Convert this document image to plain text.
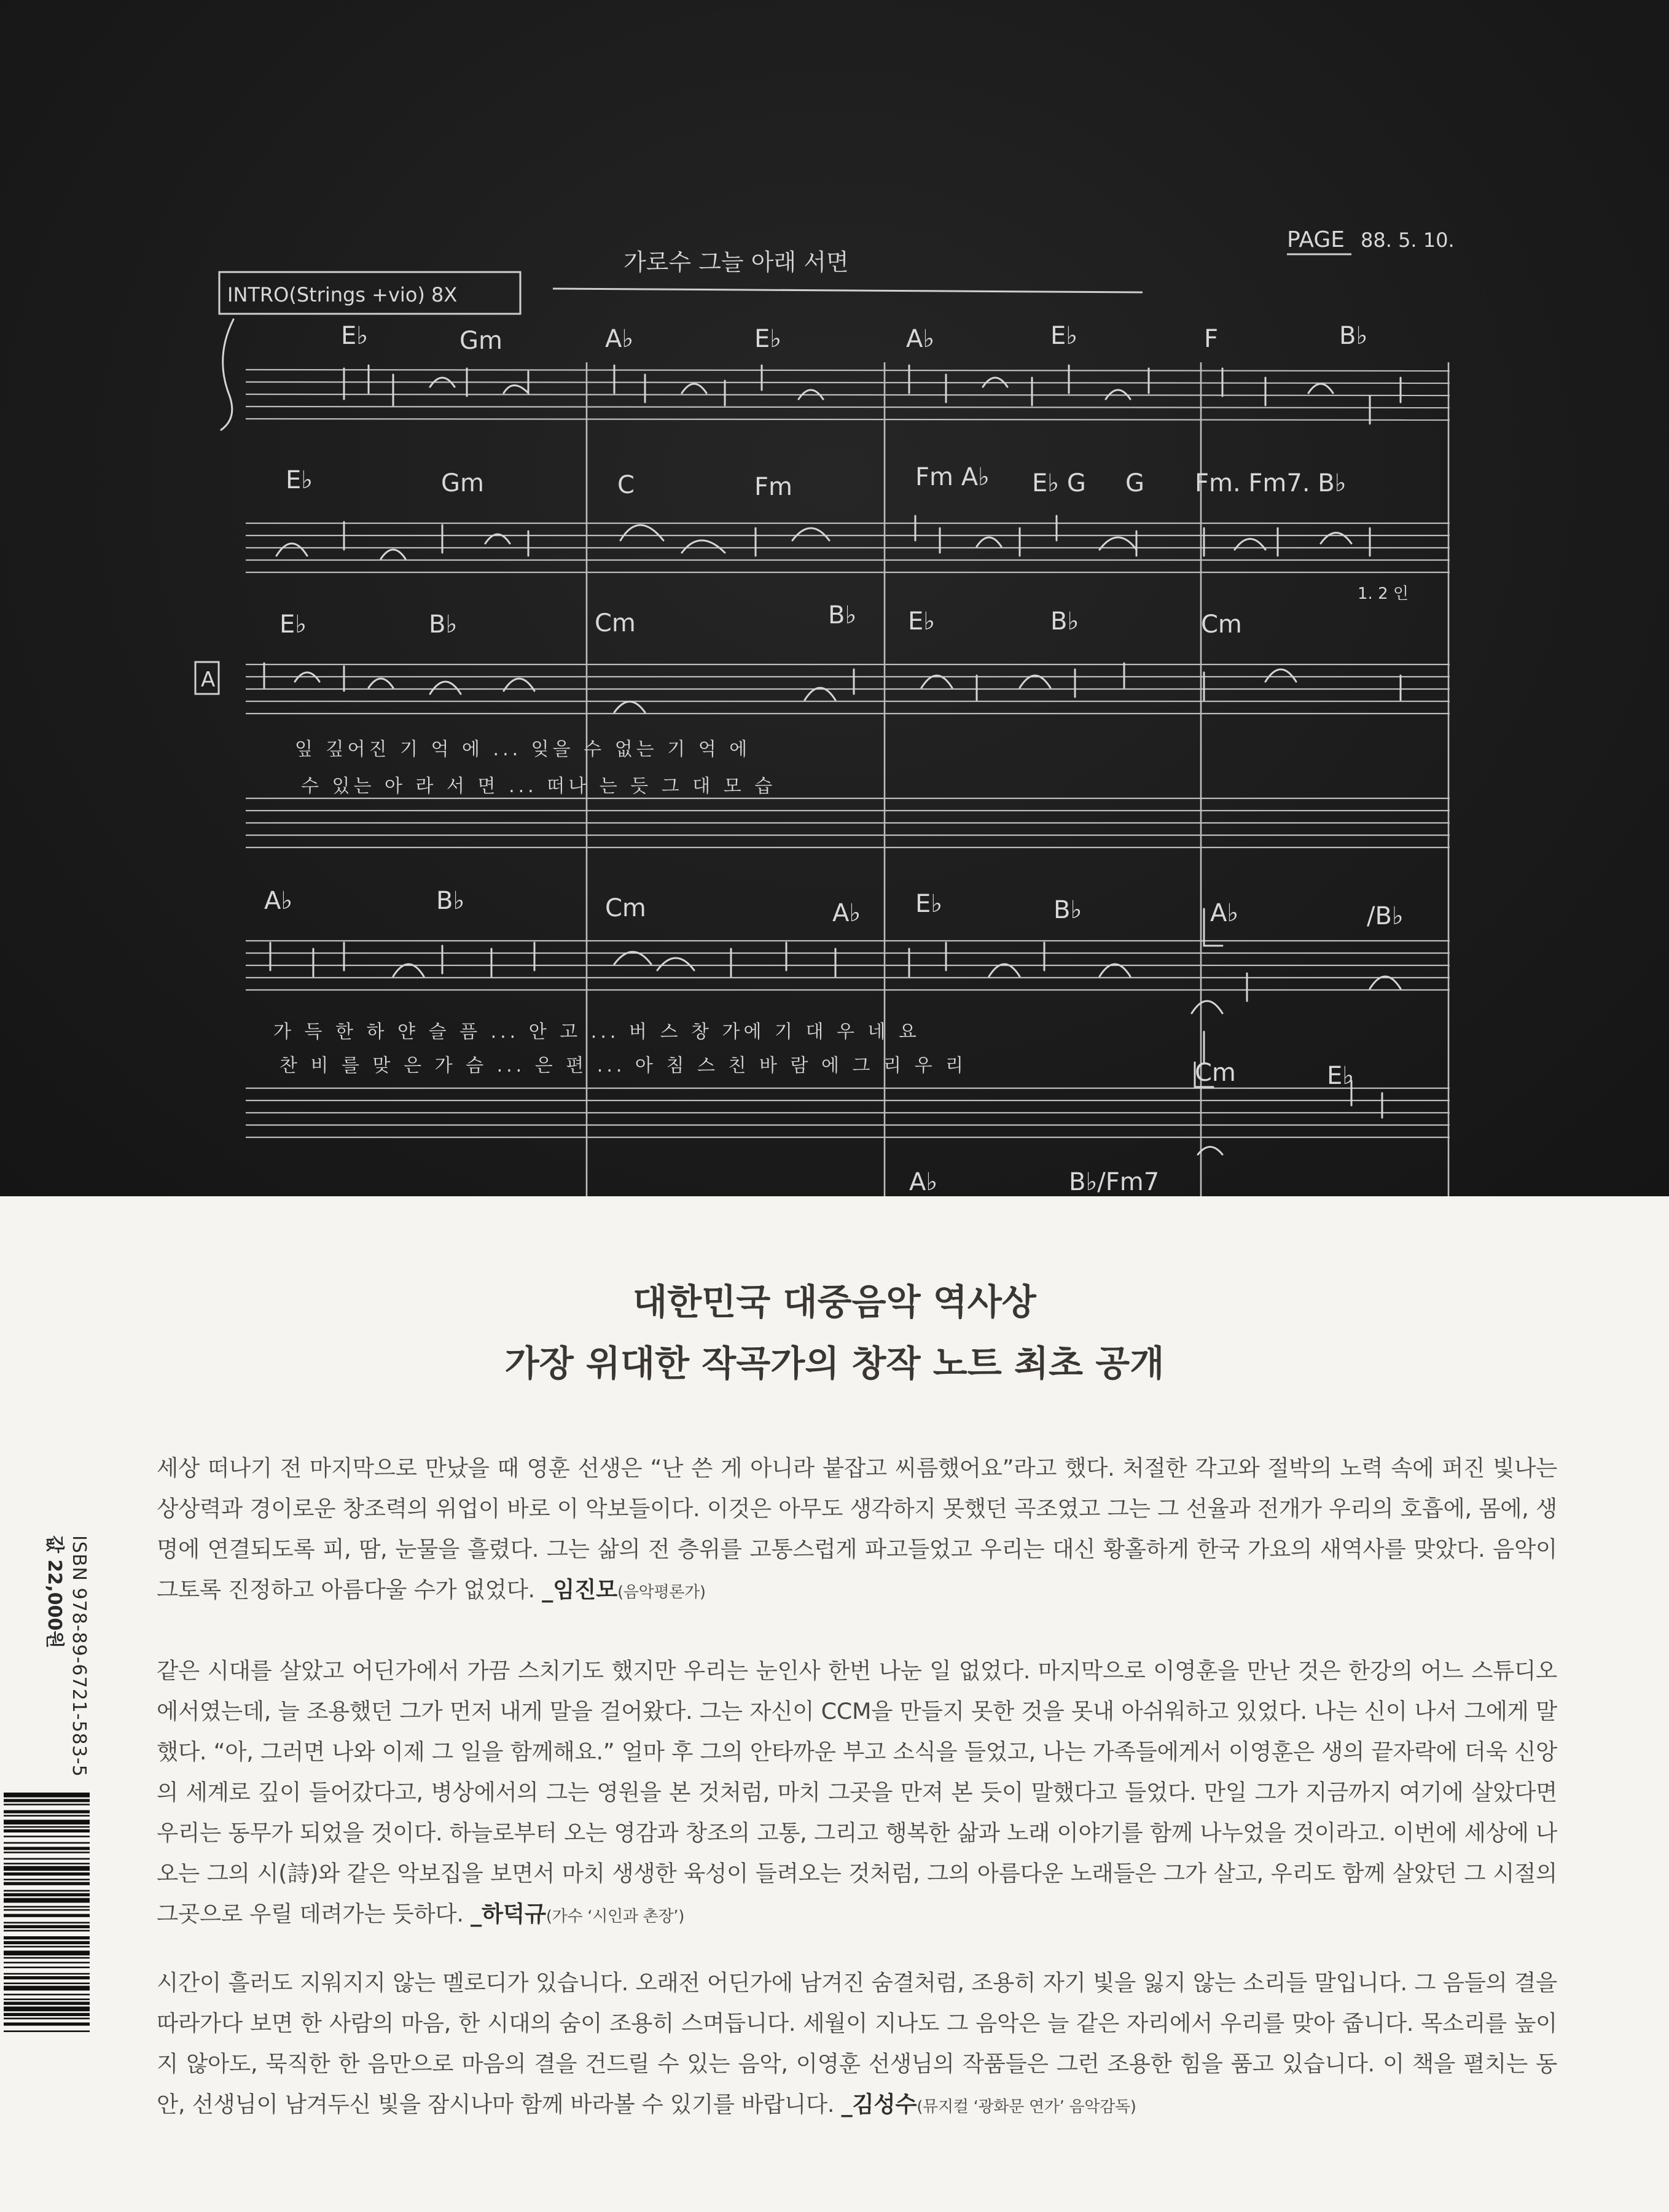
가로수 그늘 아래 서면
PAGE 88. 5. 10.
INTRO(Strings +vio) 8X
A
E♭	Gm	A♭	E♭	A♭	E♭	F	B♭
E♭	Gm	C	Fm	Fm A♭ E♭ G G Fm. Fm7. B♭
E♭	B♭	Cm	B♭ E♭	B♭	Cm
A♭	B♭	Cm	A♭ E♭	B♭	A♭	/B♭
Cm	E♭
A♭	B♭/Fm7
1. 2 인
잎 깊어진 기 억 에 ... 잊을 수 없는 기 억 에
수 있는 아 라 서 면 ... 떠나 는 듯 그 대 모 습
가 득 한 하 얀 슬 픔 ... 안 고 ... 버 스 창 가에 기 대 우 네 요
찬 비 를 맞 은 가 슴 ... 은 편 ... 아 침 스 친 바 람 에 그 리 우 리
대한민국 대중음악 역사상
가장 위대한 작곡가의 창작 노트 최초 공개
세상 떠나기 전 마지막으로 만났을 때 영훈 선생은 “난 쓴 게 아니라 붙잡고 씨름했어요”라고 했다. 처절한 각고와 절박의 노력 속에 퍼진 빛나는 상상력과 경이로운 창조력의 위업이 바로 이 악보들이다. 이것은 아무도 생각하지 못했던 곡조였고 그는 그 선율과 전개가 우리의 호흡에, 몸에, 생명에 연결되도록 피, 땀, 눈물을 흘렸다. 그는 삶의 전 층위를 고통스럽게 파고들었고 우리는 대신 황홀하게 한국 가요의 새역사를 맞았다. 음악이 그토록 진정하고 아름다울 수가 없었다. _임진모(음악평론가)
같은 시대를 살았고 어딘가에서 가끔 스치기도 했지만 우리는 눈인사 한번 나눈 일 없었다. 마지막으로 이영훈을 만난 것은 한강의 어느 스튜디오에서였는데, 늘 조용했던 그가 먼저 내게 말을 걸어왔다. 그는 자신이 CCM을 만들지 못한 것을 못내 아쉬워하고 있었다. 나는 신이 나서 그에게 말했다. “아, 그러면 나와 이제 그 일을 함께해요.” 얼마 후 그의 안타까운 부고 소식을 들었고, 나는 가족들에게서 이영훈은 생의 끝자락에 더욱 신앙의 세계로 깊이 들어갔다고, 병상에서의 그는 영원을 본 것처럼, 마치 그곳을 만져 본 듯이 말했다고 들었다. 만일 그가 지금까지 여기에 살았다면 우리는 동무가 되었을 것이다. 하늘로부터 오는 영감과 창조의 고통, 그리고 행복한 삶과 노래 이야기를 함께 나누었을 것이라고. 이번에 세상에 나오는 그의 시(詩)와 같은 악보집을 보면서 마치 생생한 육성이 들려오는 것처럼, 그의 아름다운 노래들은 그가 살고, 우리도 함께 살았던 그 시절의 그곳으로 우릴 데려가는 듯하다. _하덕규(가수 ‘시인과 촌장’)
시간이 흘러도 지워지지 않는 멜로디가 있습니다. 오래전 어딘가에 남겨진 숨결처럼, 조용히 자기 빛을 잃지 않는 소리들 말입니다. 그 음들의 결을 따라가다 보면 한 사람의 마음, 한 시대의 숨이 조용히 스며듭니다. 세월이 지나도 그 음악은 늘 같은 자리에서 우리를 맞아 줍니다. 목소리를 높이지 않아도, 묵직한 한 음만으로 마음의 결을 건드릴 수 있는 음악, 이영훈 선생님의 작품들은 그런 조용한 힘을 품고 있습니다. 이 책을 펼치는 동안, 선생님이 남겨두신 빛을 잠시나마 함께 바라볼 수 있기를 바랍니다. _김성수(뮤지컬 ‘광화문 연가’ 음악감독)
ISBN 978-89-6721-583-5
값 22,000원
